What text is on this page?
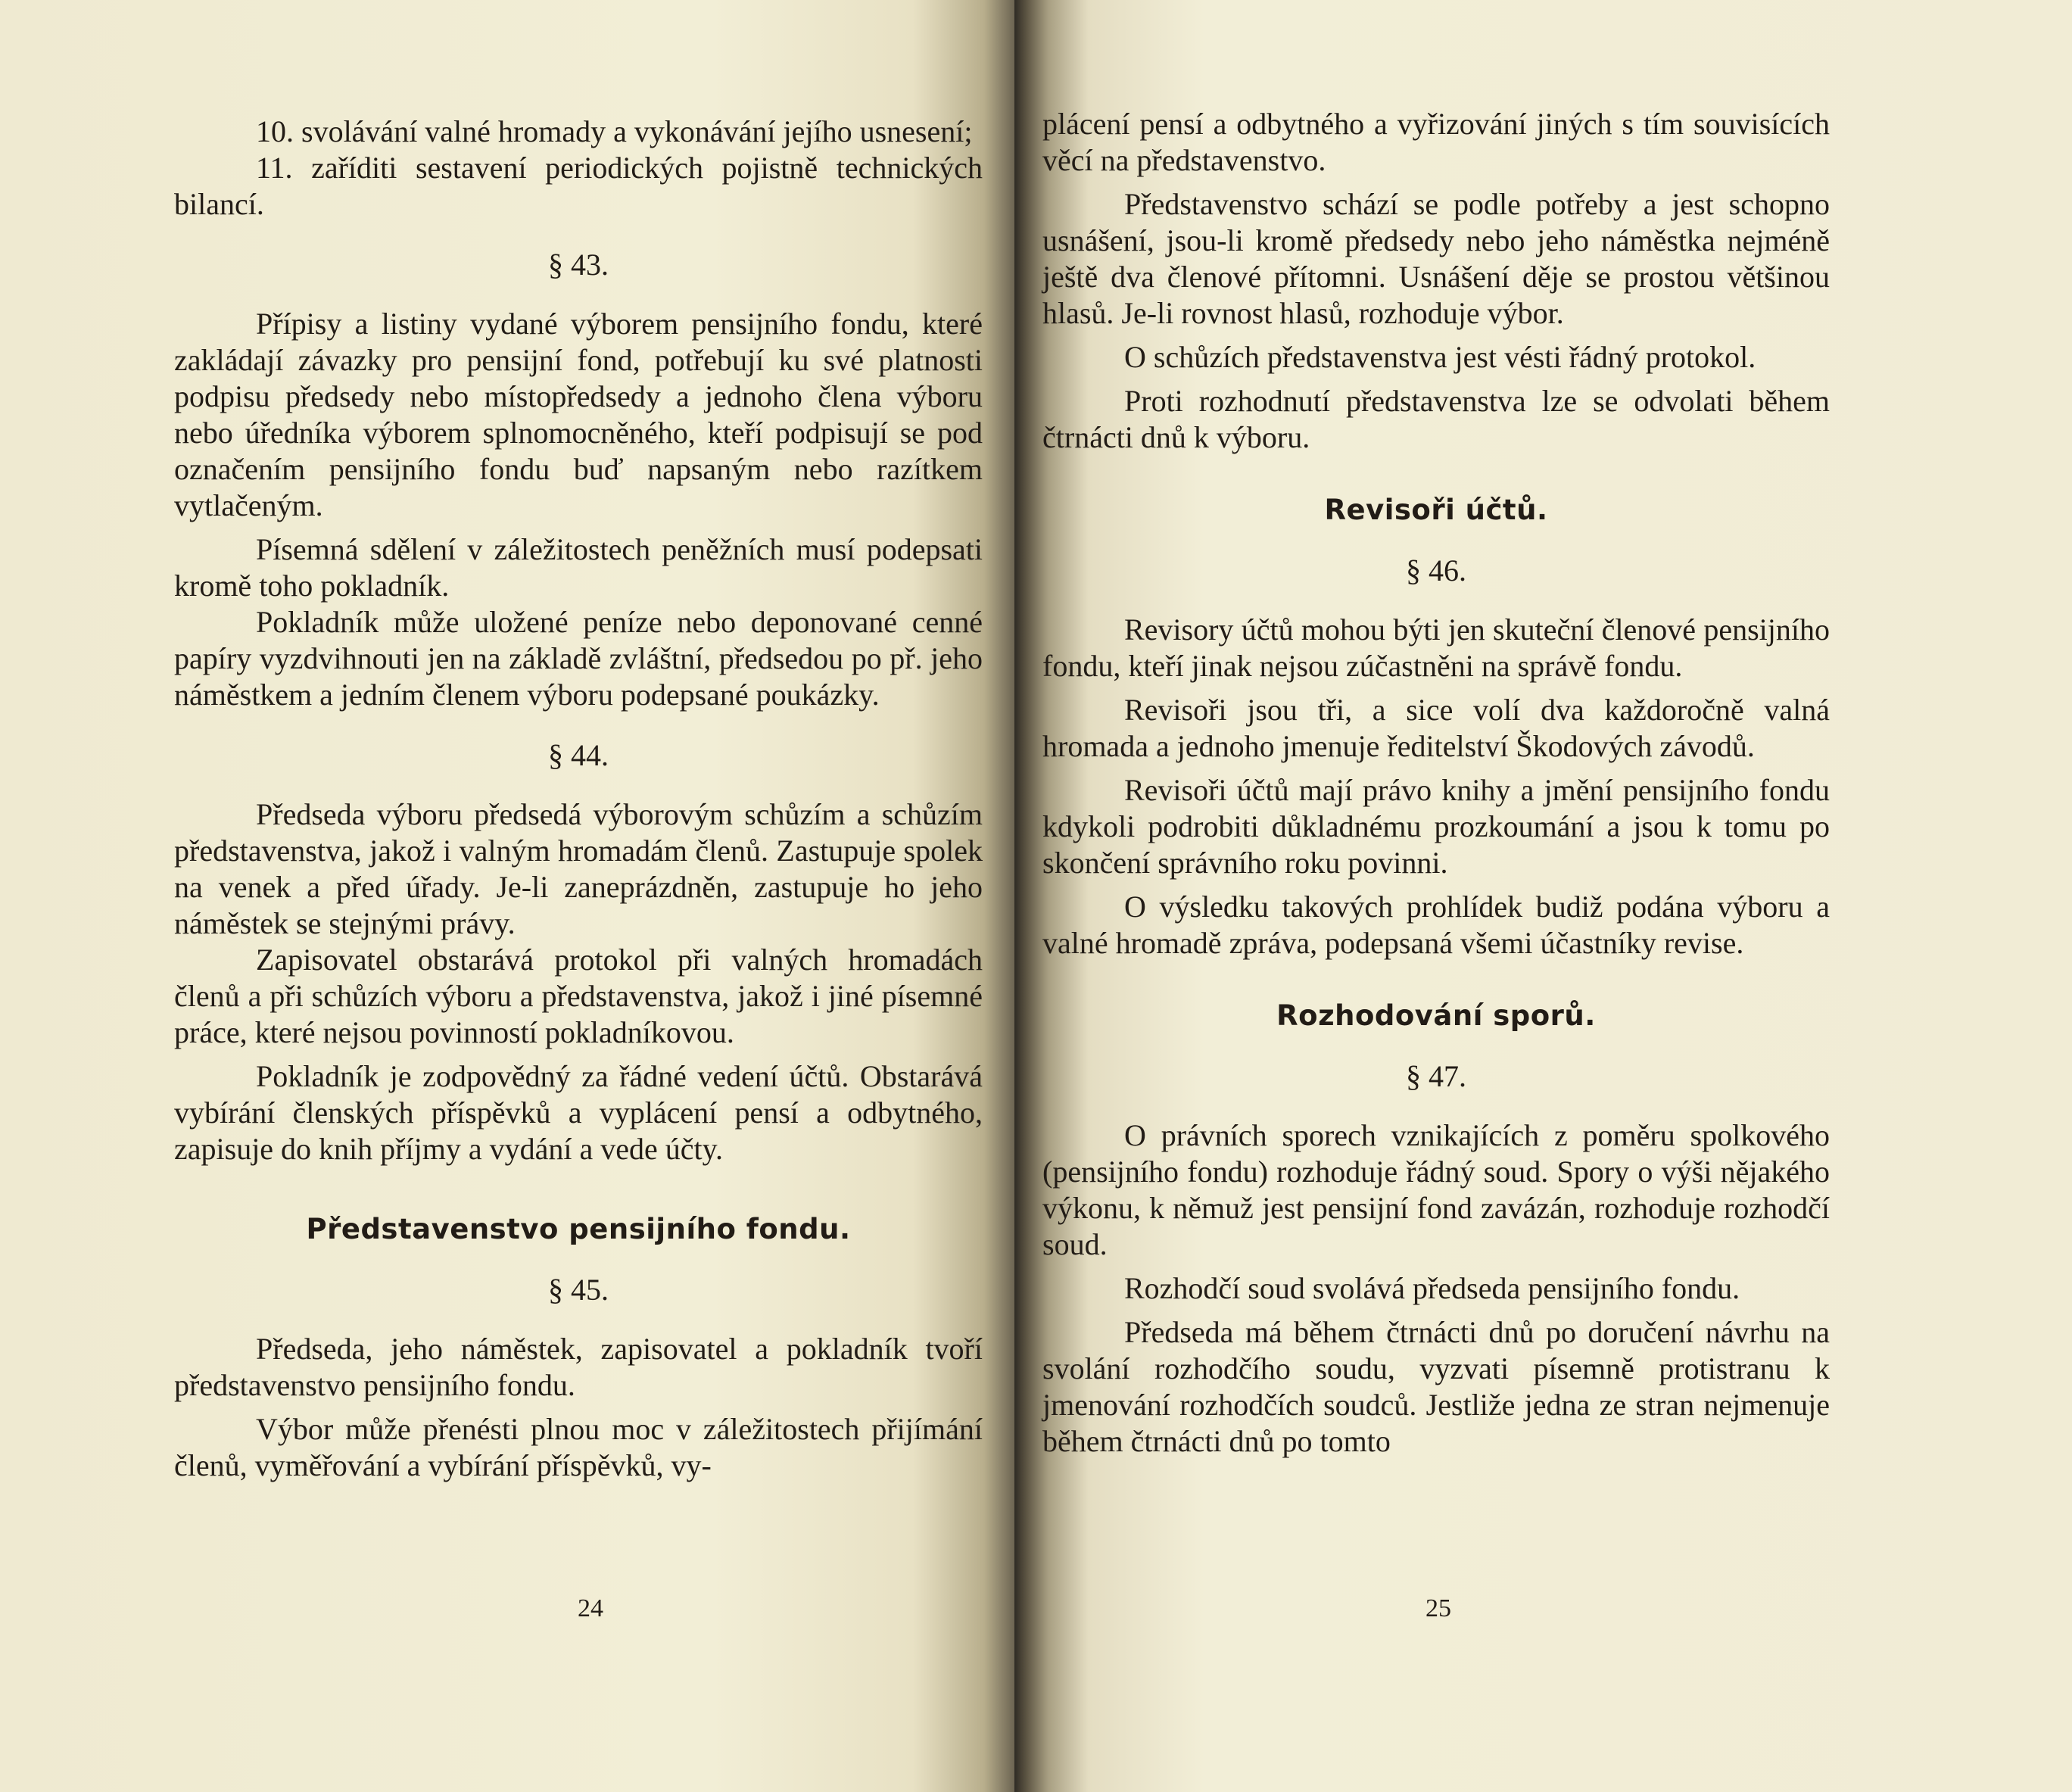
10. svolávání valné hromady a vykonávání jejího usnesení;

11. zaříditi sestavení periodických pojistně technických bilancí.

§ 43.

Přípisy a listiny vydané výborem pensijního fondu, které zakládají závazky pro pensijní fond, potřebují ku své platnosti podpisu předsedy nebo místopředsedy a jednoho člena výboru nebo úředníka výborem splnomocněného, kteří podpisují se pod označením pensijního fondu buď napsaným nebo razítkem vytlačeným.

Písemná sdělení v záležitostech peněžních musí podepsati kromě toho pokladník.

Pokladník může uložené peníze nebo deponované cenné papíry vyzdvihnouti jen na základě zvláštní, předsedou po př. jeho náměstkem a jedním členem výboru podepsané poukázky.

§ 44.

Předseda výboru předsedá výborovým schůzím a schůzím představenstva, jakož i valným hromadám členů. Zastupuje spolek na venek a před úřady. Je-li zaneprázdněn, zastupuje ho jeho náměstek se stejnými právy.

Zapisovatel obstarává protokol při valných hromadách členů a při schůzích výboru a představenstva, jakož i jiné písemné práce, které nejsou povinností pokladníkovou.

Pokladník je zodpovědný za řádné vedení účtů. Obstarává vybírání členských příspěvků a vyplácení pensí a odbytného, zapisuje do knih příjmy a vydání a vede účty.

Představenstvo pensijního fondu.
§ 45.

Předseda, jeho náměstek, zapisovatel a pokladník tvoří představenstvo pensijního fondu.

Výbor může přenésti plnou moc v záležitostech přijímání členů, vyměřování a vybírání příspěvků, vy-

24

plácení pensí a odbytného a vyřizování jiných s tím souvisících věcí na představenstvo.

Představenstvo schází se podle potřeby a jest schopno usnášení, jsou-li kromě předsedy nebo jeho náměstka nejméně ještě dva členové přítomni. Usnášení děje se prostou většinou hlasů. Je-li rovnost hlasů, rozhoduje výbor.

O schůzích představenstva jest vésti řádný protokol.

Proti rozhodnutí představenstva lze se odvolati během čtrnácti dnů k výboru.

Revisoři účtů.
§ 46.

Revisory účtů mohou býti jen skuteční členové pensijního fondu, kteří jinak nejsou zúčastněni na správě fondu.

Revisoři jsou tři, a sice volí dva každoročně valná hromada a jednoho jmenuje ředitelství Škodových závodů.

Revisoři účtů mají právo knihy a jmění pensijního fondu kdykoli podrobiti důkladnému prozkoumání a jsou k tomu po skončení správního roku povinni.

O výsledku takových prohlídek budiž podána výboru a valné hromadě zpráva, podepsaná všemi účastníky revise.

Rozhodování sporů.
§ 47.

O právních sporech vznikajících z poměru spolkového (pensijního fondu) rozhoduje řádný soud. Spory o výši nějakého výkonu, k němuž jest pensijní fond zavázán, rozhoduje rozhodčí soud.

Rozhodčí soud svolává předseda pensijního fondu.

Předseda má během čtrnácti dnů po doručení návrhu na svolání rozhodčího soudu, vyzvati písemně protistranu k jmenování rozhodčích soudců. Jestliže jedna ze stran nejmenuje během čtrnácti dnů po tomto

25
